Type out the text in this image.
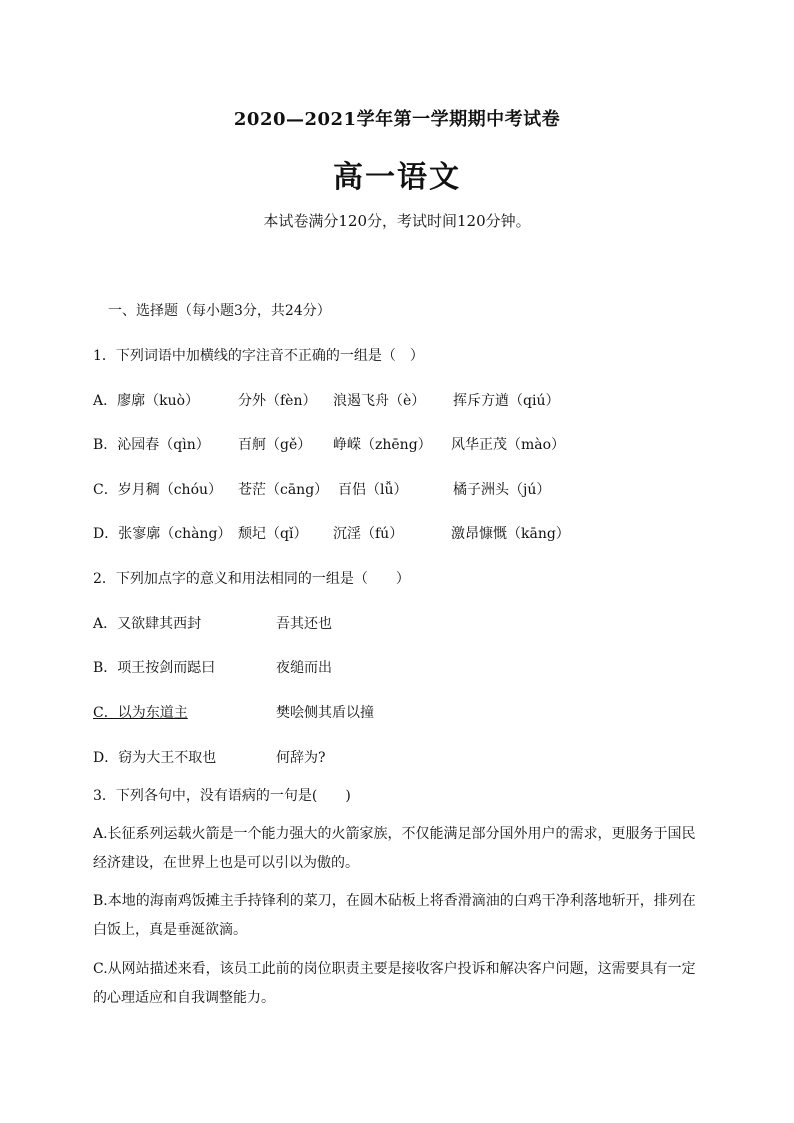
2020—2021学年第一学期期中考试卷
高一语文
本试卷满分120分，考试时间120分钟。
一、选择题（每小题3分，共24分）
1．下列词语中加横线的字注音不正确的一组是（　）
A．廖廓（kuò）	分外（fèn） 浪遏飞舟（è） 挥斥方遒（qiú）
B．沁园春（qìn） 百舸（gě） 峥嵘（zhēng） 风华正茂（mào）
C．岁月稠（chóu） 苍茫（cāng） 百侣（lǚ）	橘子洲头（jú）
D．张寥廓（chàng） 颓圮（qǐ） 沉淫（fú）	激昂慷慨（kāng）
2．下列加点字的意义和用法相同的一组是（　　）
A．又欲肆其西封	吾其还也
B．项王按剑而跽曰	夜缒而出
C．以为东道主	樊哙侧其盾以撞
D．窃为大王不取也	何辞为?
3．下列各句中，没有语病的一句是(　　)
A.长征系列运载火箭是一个能力强大的火箭家族，不仅能满足部分国外用户的需求，更服务于国民经济建设，在世界上也是可以引以为傲的。
B.本地的海南鸡饭摊主手持锋利的菜刀，在圆木砧板上将香滑滴油的白鸡干净利落地斩开，排列在白饭上，真是垂涎欲滴。
C.从网站描述来看，该员工此前的岗位职责主要是接收客户投诉和解决客户问题，这需要具有一定的心理适应和自我调整能力。
